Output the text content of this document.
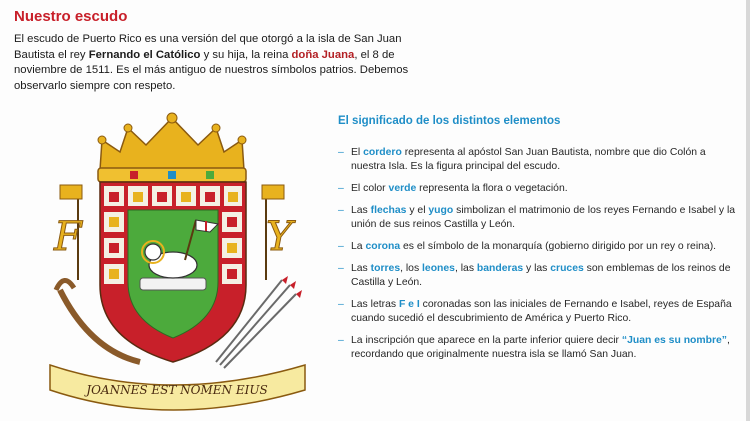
Nuestro escudo
El escudo de Puerto Rico es una versión del que otorgó a la isla de San Juan Bautista el rey Fernando el Católico y su hija, la reina doña Juana, el 8 de noviembre de 1511. Es el más antiguo de nuestros símbolos patrios. Debemos observarlo siempre con respeto.
F	Y
JOANNES EST NOMEN EIUS
El significado de los distintos elementos
– El cordero representa al apóstol San Juan Bautista, nombre que dio Colón a nuestra Isla. Es la figura principal del escudo.
– El color verde representa la flora o vegetación.
– Las flechas y el yugo simbolizan el matrimonio de los reyes Fernando e Isabel y la unión de sus reinos Castilla y León.
– La corona es el símbolo de la monarquía (gobierno dirigido por un rey o reina).
– Las torres, los leones, las banderas y las cruces son emblemas de los reinos de Castilla y León.
– Las letras F e I coronadas son las iniciales de Fernando e Isabel, reyes de España cuando sucedió el descubrimiento de América y Puerto Rico.
– La inscripción que aparece en la parte inferior quiere decir “Juan es su nombre”, recordando que originalmente nuestra isla se llamó San Juan.
